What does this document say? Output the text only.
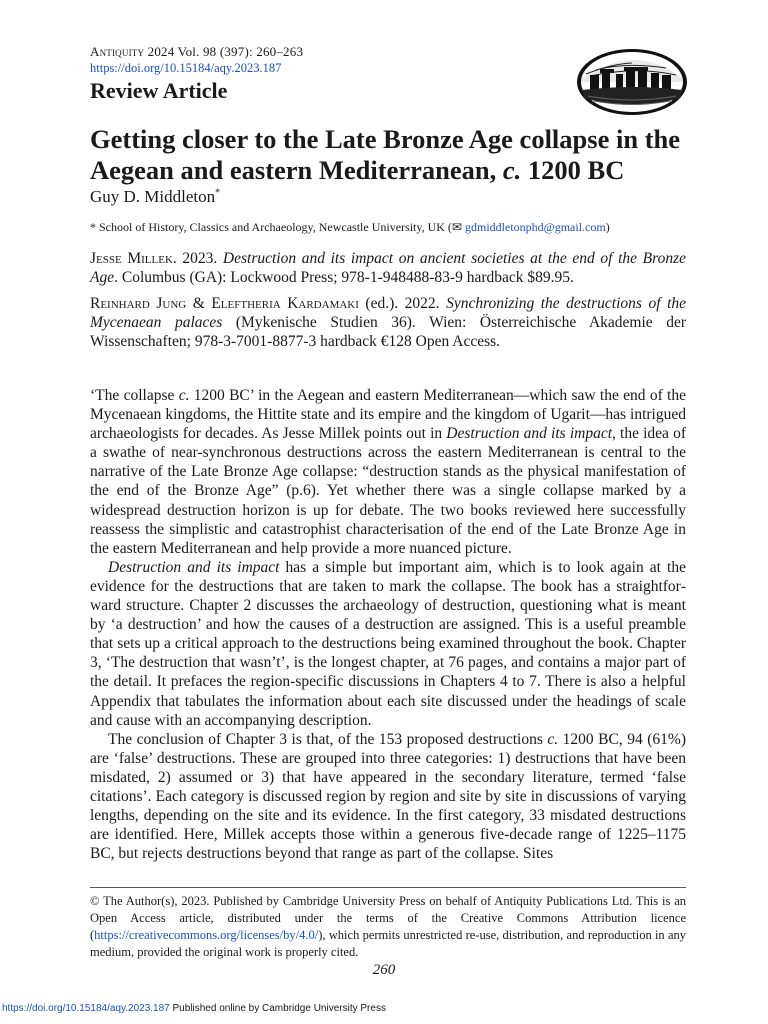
Antiquity 2024 Vol. 98 (397): 260–263
https://doi.org/10.15184/aqy.2023.187
Review Article
Getting closer to the Late Bronze Age collapse in the Aegean and eastern Mediterranean, c. 1200 BC
Guy D. Middleton*
* School of History, Classics and Archaeology, Newcastle University, UK (✉ gdmiddletonphd@gmail.com)
Jesse Millek. 2023. Destruction and its impact on ancient societies at the end of the Bronze Age. Columbus (GA): Lockwood Press; 978-1-948488-83-9 hardback $89.95.
Reinhard Jung & Eleftheria Kardamaki (ed.). 2022. Synchronizing the destructions of the Mycenaean palaces (Mykenische Studien 36). Wien: Österreichische Akademie der Wissenschaften; 978-3-7001-8877-3 hardback €128 Open Access.

‘The collapse c. 1200 BC’ in the Aegean and eastern Mediterranean—which saw the end of the Mycenaean kingdoms, the Hittite state and its empire and the kingdom of Ugarit—has intrigued archaeologists for decades. As Jesse Millek points out in Destruction and its impact, the idea of a swathe of near-synchronous destructions across the eastern Mediterranean is central to the narrative of the Late Bronze Age collapse: “destruction stands as the physical manifestation of the end of the Bronze Age” (p.6). Yet whether there was a single collapse marked by a widespread destruction horizon is up for debate. The two books reviewed here successfully reassess the simplistic and catastrophist characterisation of the end of the Late Bronze Age in the eastern Mediterranean and help provide a more nuanced picture.

Destruction and its impact has a simple but important aim, which is to look again at the evidence for the destructions that are taken to mark the collapse. The book has a straightforward structure. Chapter 2 discusses the archaeology of destruction, questioning what is meant by ‘a destruction’ and how the causes of a destruction are assigned. This is a useful preamble that sets up a critical approach to the destructions being examined throughout the book. Chapter 3, ‘The destruction that wasn’t’, is the longest chapter, at 76 pages, and contains a major part of the detail. It prefaces the region-specific discussions in Chapters 4 to 7. There is also a helpful Appendix that tabulates the information about each site discussed under the headings of scale and cause with an accompanying description.

The conclusion of Chapter 3 is that, of the 153 proposed destructions c. 1200 BC, 94 (61%) are ‘false’ destructions. These are grouped into three categories: 1) destructions that have been misdated, 2) assumed or 3) that have appeared in the secondary literature, termed ‘false citations’. Each category is discussed region by region and site by site in discussions of varying lengths, depending on the site and its evidence. In the first category, 33 misdated destructions are identified. Here, Millek accepts those within a generous five-decade range of 1225–1175 BC, but rejects destructions beyond that range as part of the collapse. Sites

© The Author(s), 2023. Published by Cambridge University Press on behalf of Antiquity Publications Ltd. This is an Open Access article, distributed under the terms of the Creative Commons Attribution licence (https://creativecommons.org/licenses/by/4.0/), which permits unrestricted re-use, distribution, and reproduction in any medium, provided the original work is properly cited.
260
https://doi.org/10.15184/aqy.2023.187 Published online by Cambridge University Press
